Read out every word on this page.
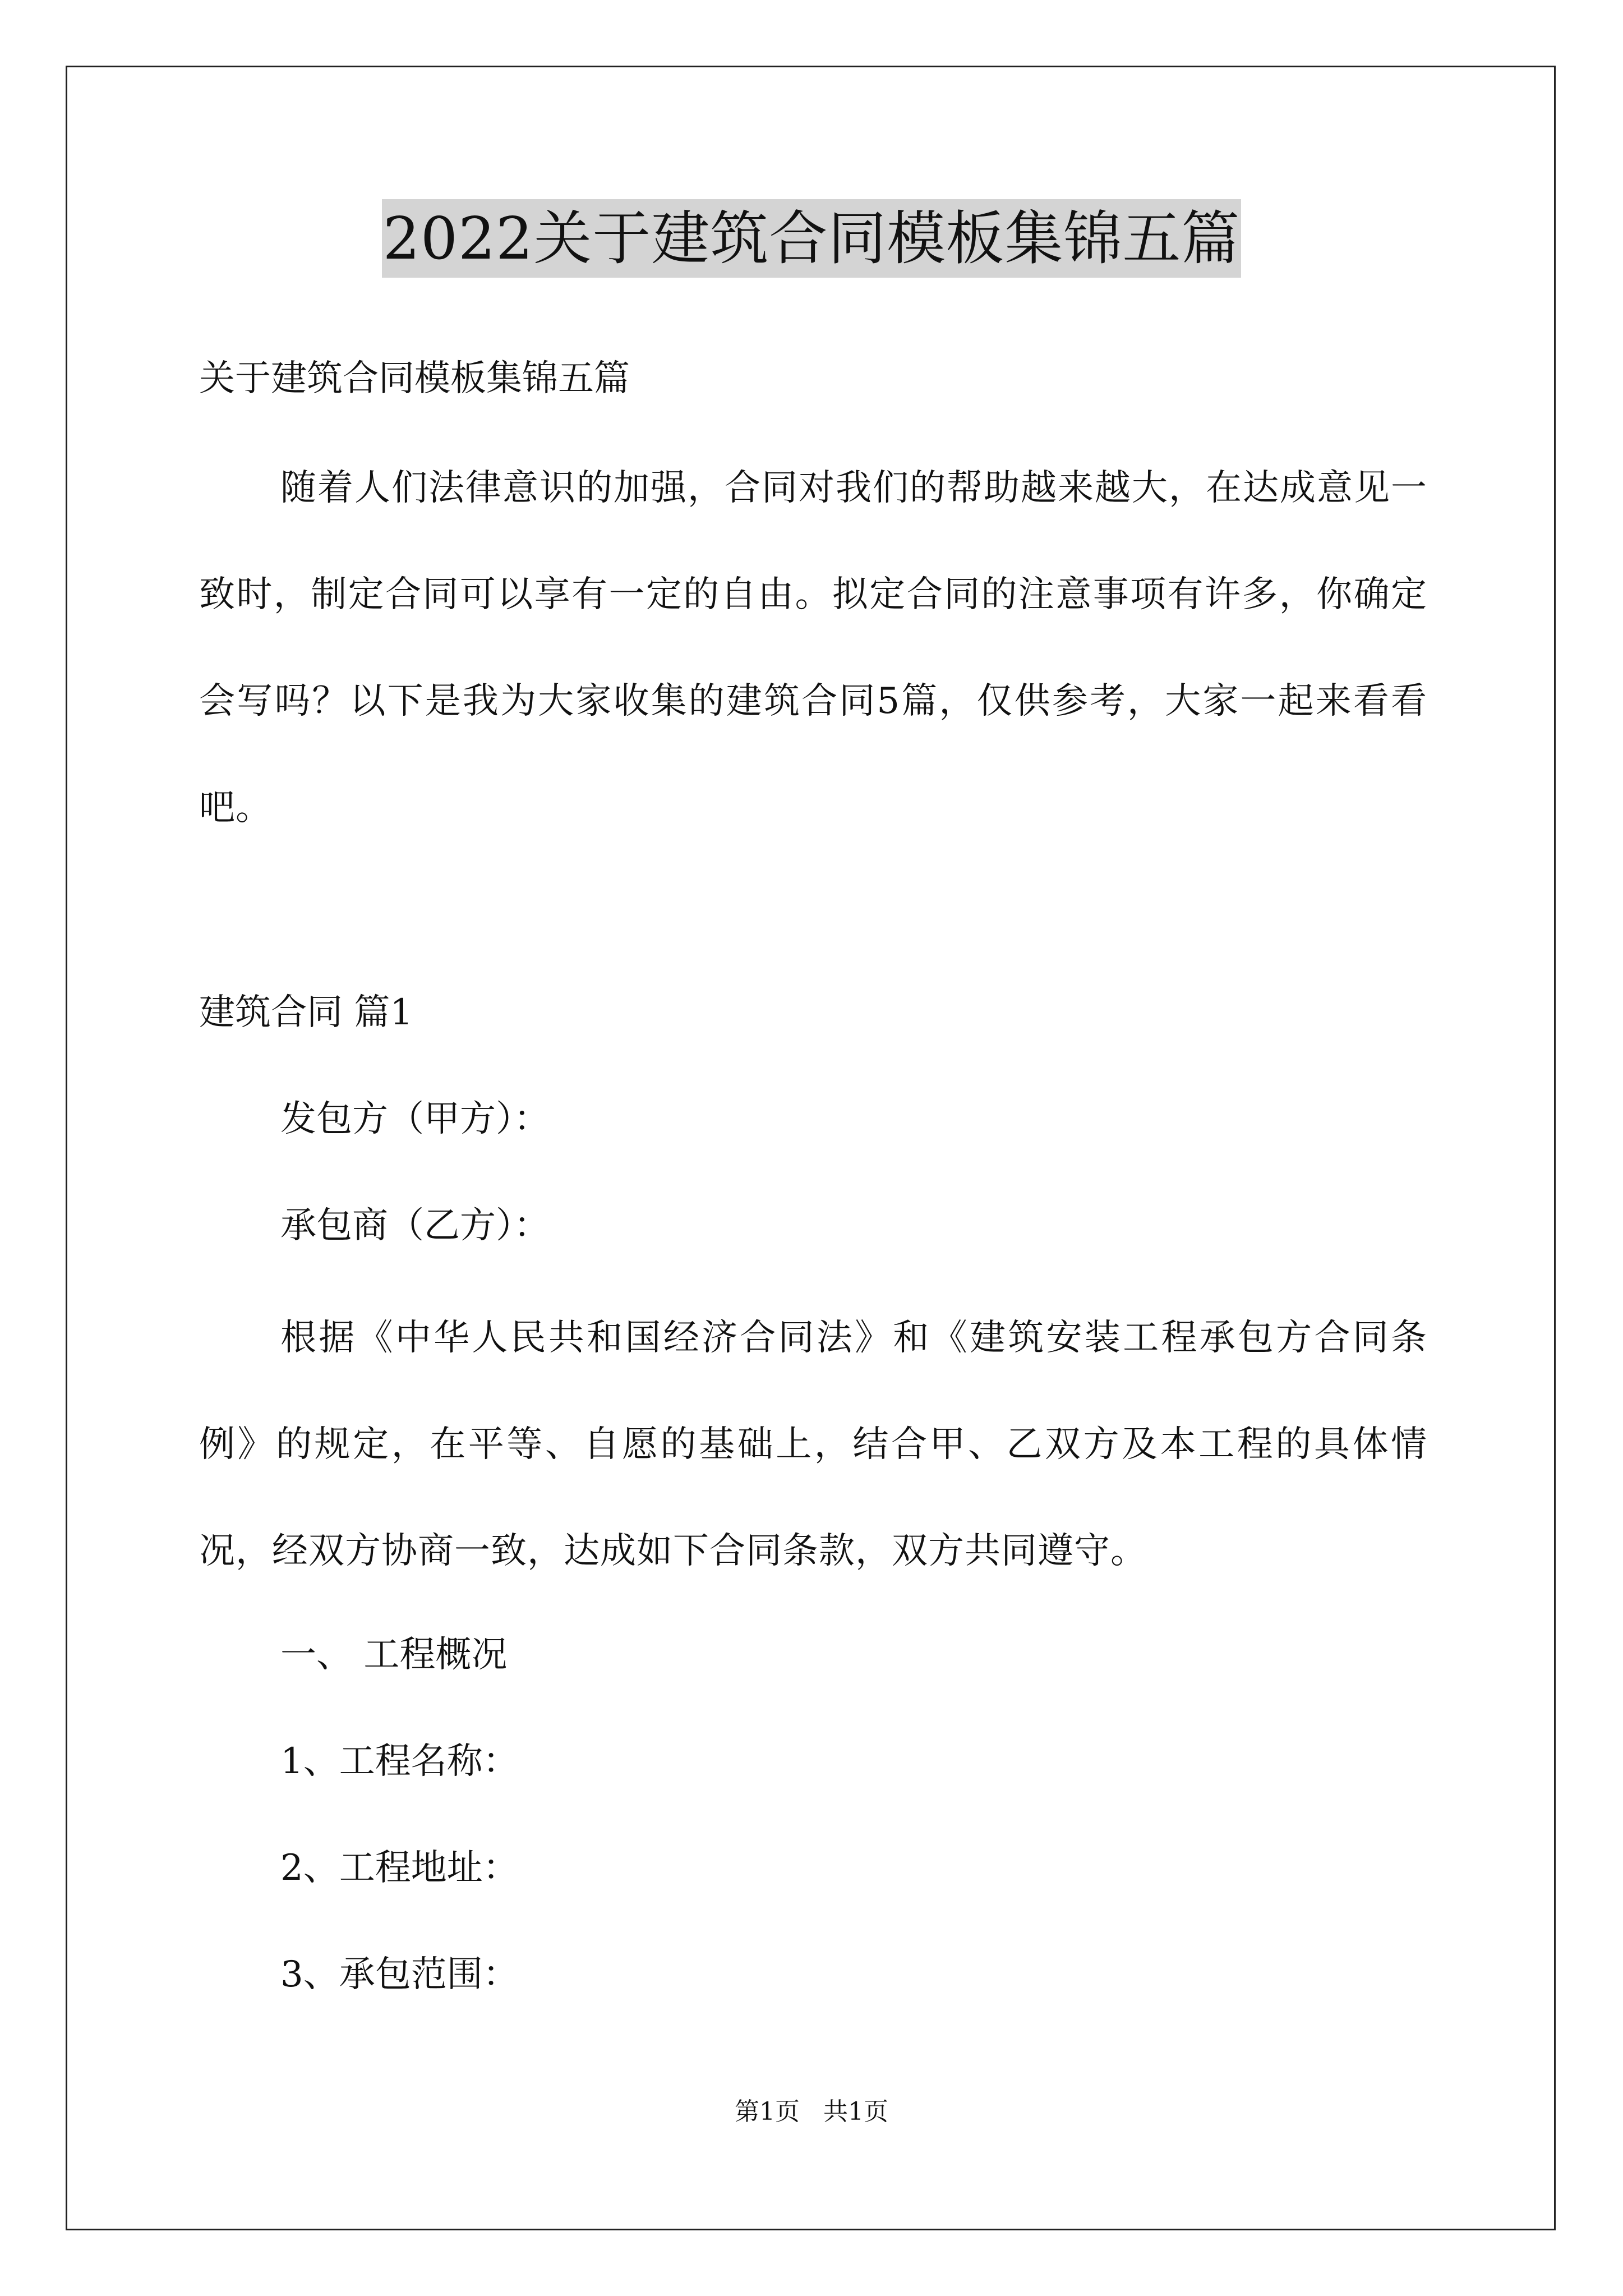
2022关于建筑合同模板集锦五篇
关于建筑合同模板集锦五篇
随着人们法律意识的加强，合同对我们的帮助越来越大，在达成意见一致时，制定合同可以享有一定的自由。拟定合同的注意事项有许多，你确定会写吗？以下是我为大家收集的建筑合同5篇，仅供参考，大家一起来看看吧。
建筑合同 篇1
发包方（甲方）：
承包商（乙方）：
根据《中华人民共和国经济合同法》和《建筑安装工程承包方合同条例》的规定，在平等、自愿的基础上，结合甲、乙双方及本工程的具体情况，经双方协商一致，达成如下合同条款，双方共同遵守。
一、 工程概况
1、工程名称：
2、工程地址：
3、承包范围：
第1页   共1页
